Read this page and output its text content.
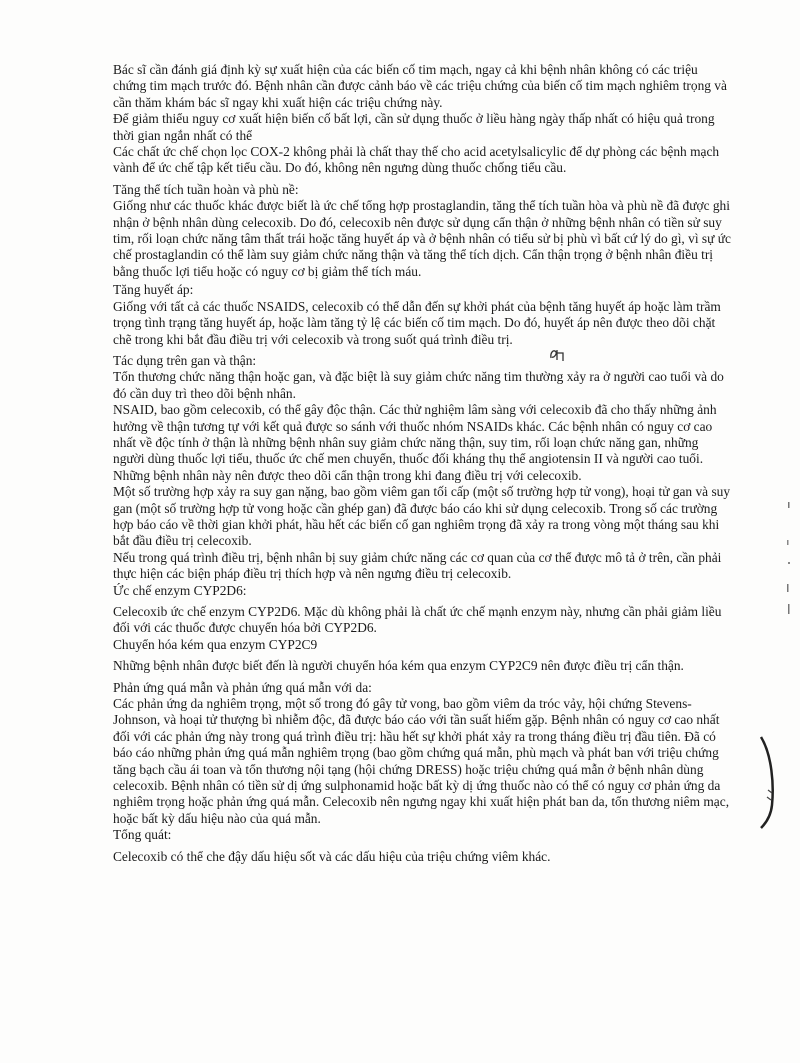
Bác sĩ cần đánh giá định kỳ sự xuất hiện của các biến cố tim mạch, ngay cả khi bệnh nhân không có các triệu chứng tim mạch trước đó. Bệnh nhân cần được cảnh báo về các triệu chứng của biến cố tim mạch nghiêm trọng và cần thăm khám bác sĩ ngay khi xuất hiện các triệu chứng này.

Để giảm thiểu nguy cơ xuất hiện biến cố bất lợi, cần sử dụng thuốc ở liều hàng ngày thấp nhất có hiệu quả trong thời gian ngắn nhất có thể

Các chất ức chế chọn lọc COX-2 không phải là chất thay thế cho acid acetylsalicylic để dự phòng các bệnh mạch vành để ức chế tập kết tiểu cầu. Do đó, không nên ngưng dùng thuốc chống tiểu cầu.

Tăng thể tích tuần hoàn và phù nề:

Giống như các thuốc khác được biết là ức chế tổng hợp prostaglandin, tăng thể tích tuần hòa và phù nề đã được ghi nhận ở bệnh nhân dùng celecoxib. Do đó, celecoxib nên được sử dụng cẩn thận ở những bệnh nhân có tiền sử suy tim, rối loạn chức năng tâm thất trái hoặc tăng huyết áp và ở bệnh nhân có tiểu sử bị phù vì bất cứ lý do gì, vì sự ức chế prostaglandin có thể làm suy giảm chức năng thận và tăng thể tích dịch. Cẩn thận trọng ở bệnh nhân điều trị bằng thuốc lợi tiểu hoặc có nguy cơ bị giảm thể tích máu.

Tăng huyết áp:

Giống với tất cả các thuốc NSAIDS, celecoxib có thể dẫn đến sự khởi phát của bệnh tăng huyết áp hoặc làm trầm trọng tình trạng tăng huyết áp, hoặc làm tăng tỷ lệ các biến cố tim mạch. Do đó, huyết áp nên được theo dõi chặt chẽ trong khi bắt đầu điều trị với celecoxib và trong suốt quá trình điều trị.

Tác dụng trên gan và thận:

Tổn thương chức năng thận hoặc gan, và đặc biệt là suy giảm chức năng tim thường xảy ra ở người cao tuổi và do đó cần duy trì theo dõi bệnh nhân.

NSAID, bao gồm celecoxib, có thể gây độc thận. Các thử nghiệm lâm sàng với celecoxib đã cho thấy những ảnh hưởng về thận tương tự với kết quả được so sánh với thuốc nhóm NSAIDs khác. Các bệnh nhân có nguy cơ cao nhất về độc tính ở thận là những bệnh nhân suy giảm chức năng thận, suy tim, rối loạn chức năng gan, những người dùng thuốc lợi tiểu, thuốc ức chế men chuyển, thuốc đối kháng thụ thể angiotensin II và người cao tuổi. Những bệnh nhân này nên được theo dõi cẩn thận trong khi đang điều trị với celecoxib.

Một số trường hợp xảy ra suy gan nặng, bao gồm viêm gan tối cấp (một số trường hợp tử vong), hoại tử gan và suy gan (một số trường hợp tử vong hoặc cần ghép gan) đã được báo cáo khi sử dụng celecoxib. Trong số các trường hợp báo cáo về thời gian khởi phát, hầu hết các biến cố gan nghiêm trọng đã xảy ra trong vòng một tháng sau khi bắt đầu điều trị celecoxib.

Nếu trong quá trình điều trị, bệnh nhân bị suy giảm chức năng các cơ quan của cơ thể được mô tả ở trên, cần phải thực hiện các biện pháp điều trị thích hợp và nên ngưng điều trị celecoxib.

Ức chế enzym CYP2D6:

Celecoxib ức chế enzym CYP2D6. Mặc dù không phải là chất ức chế mạnh enzym này, nhưng cần phải giảm liều đối với các thuốc được chuyển hóa bởi CYP2D6.

Chuyển hóa kém qua enzym CYP2C9

Những bệnh nhân được biết đến là người chuyển hóa kém qua enzym CYP2C9 nên được điều trị cẩn thận.

Phản ứng quá mẫn và phản ứng quá mẫn với da:

Các phản ứng da nghiêm trọng, một số trong đó gây tử vong, bao gồm viêm da tróc vảy, hội chứng Stevens-Johnson, và hoại tử thượng bì nhiễm độc, đã được báo cáo với tần suất hiếm gặp. Bệnh nhân có nguy cơ cao nhất đối với các phản ứng này trong quá trình điều trị: hầu hết sự khởi phát xảy ra trong tháng điều trị đầu tiên. Đã có báo cáo những phản ứng quá mẫn nghiêm trọng (bao gồm chứng quá mẫn, phù mạch và phát ban với triệu chứng tăng bạch cầu ái toan và tổn thương nội tạng (hội chứng DRESS) hoặc triệu chứng quá mẫn ở bệnh nhân dùng celecoxib. Bệnh nhân có tiền sử dị ứng sulphonamid hoặc bất kỳ dị ứng thuốc nào có thể có nguy cơ phản ứng da nghiêm trọng hoặc phản ứng quá mẫn. Celecoxib nên ngưng ngay khi xuất hiện phát ban da, tổn thương niêm mạc, hoặc bất kỳ dấu hiệu nào của quá mẫn.

Tổng quát:

Celecoxib có thể che đậy dấu hiệu sốt và các dấu hiệu của triệu chứng viêm khác.
